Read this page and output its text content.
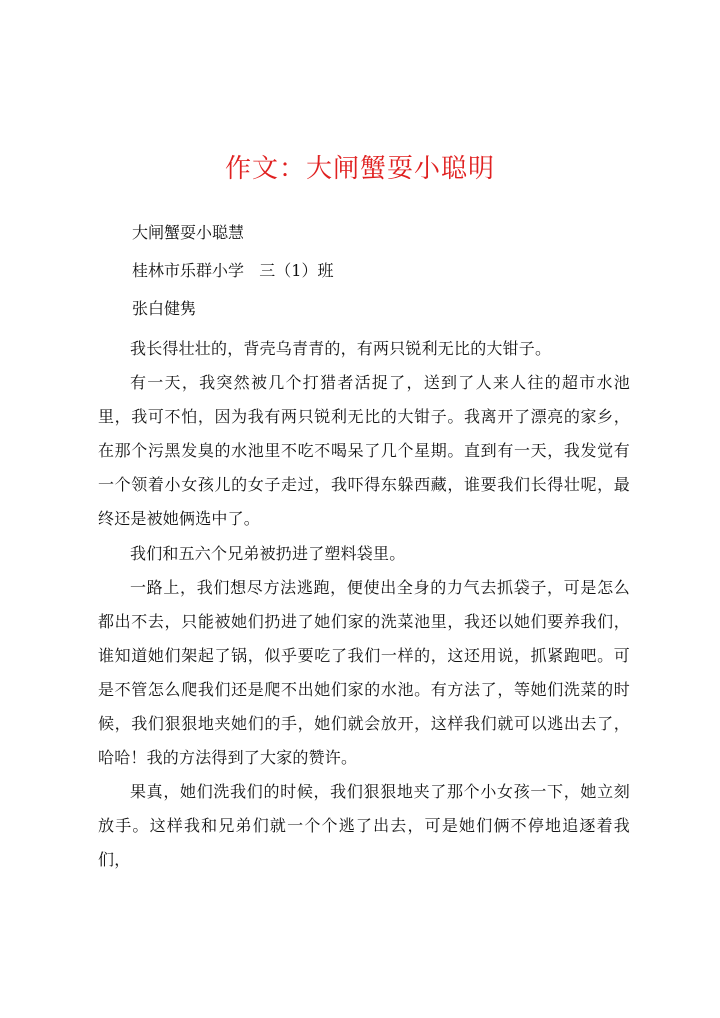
作文：大闸蟹耍小聪明

大闸蟹耍小聪慧

桂林市乐群小学   三（1）班

张白健隽

我长得壮壮的，背壳乌青青的，有两只锐利无比的大钳子。

有一天，我突然被几个打猎者活捉了，送到了人来人往的超市水池里，我可不怕，因为我有两只锐利无比的大钳子。我离开了漂亮的家乡，在那个污黑发臭的水池里不吃不喝呆了几个星期。直到有一天，我发觉有一个领着小女孩儿的女子走过，我吓得东躲西藏，谁要我们长得壮呢，最终还是被她俩选中了。

我们和五六个兄弟被扔进了塑料袋里。

一路上，我们想尽方法逃跑，便使出全身的力气去抓袋子，可是怎么都出不去，只能被她们扔进了她们家的洗菜池里，我还以她们要养我们，谁知道她们架起了锅，似乎要吃了我们一样的，这还用说，抓紧跑吧。可是不管怎么爬我们还是爬不出她们家的水池。有方法了，等她们洗菜的时候，我们狠狠地夹她们的手，她们就会放开，这样我们就可以逃出去了，哈哈！我的方法得到了大家的赞许。

果真，她们洗我们的时候，我们狠狠地夹了那个小女孩一下，她立刻放手。这样我和兄弟们就一个个逃了出去，可是她们俩不停地追逐着我们，
